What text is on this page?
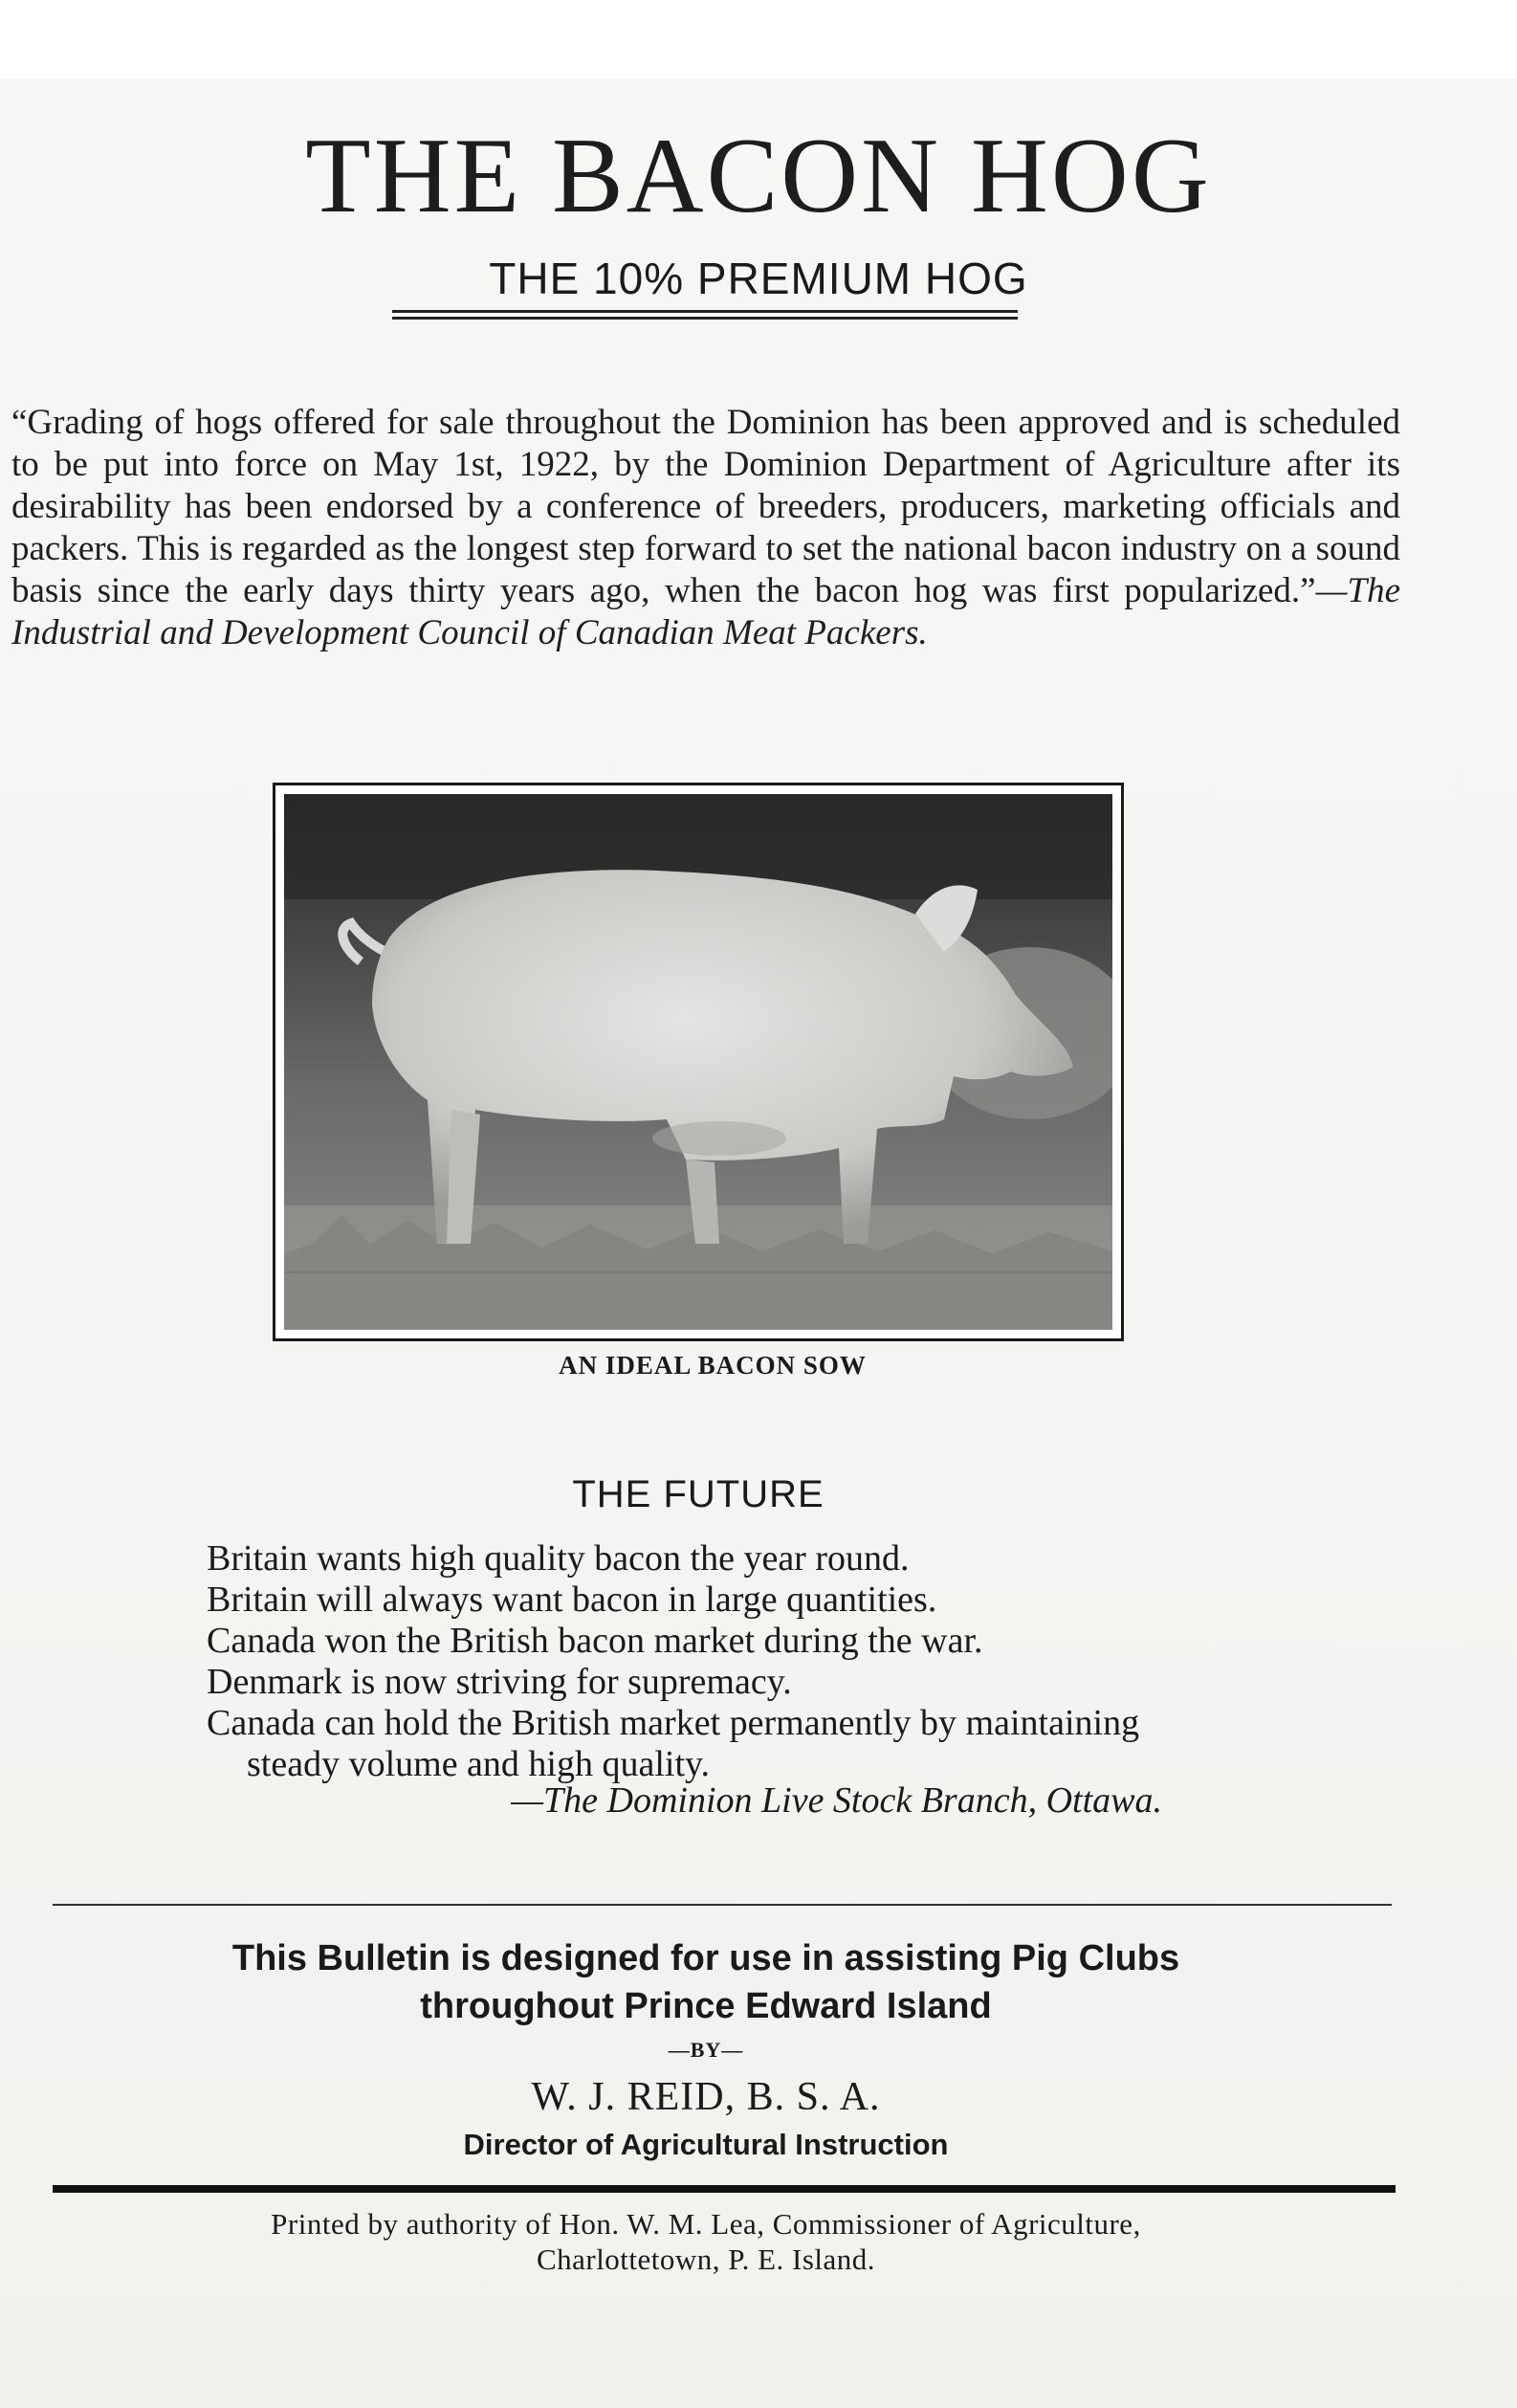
THE BACON HOG
THE 10% PREMIUM HOG
“Grading of hogs offered for sale throughout the Dominion has been approved and is scheduled to be put into force on May 1st, 1922, by the Dominion Department of Agriculture after its desirability has been endorsed by a conference of breeders, producers, marketing officials and packers. This is regarded as the longest step forward to set the national bacon industry on a sound basis since the early days thirty years ago, when the bacon hog was first popularized.”—The Industrial and Development Council of Canadian Meat Packers.
AN IDEAL BACON SOW
THE FUTURE
Britain wants high quality bacon the year round.
Britain will always want bacon in large quantities.
Canada won the British bacon market during the war.
Denmark is now striving for supremacy.
Canada can hold the British market permanently by maintaining steady volume and high quality.
—The Dominion Live Stock Branch, Ottawa.
This Bulletin is designed for use in assisting Pig Clubs
throughout Prince Edward Island
—BY—
W. J. REID, B. S. A.
Director of Agricultural Instruction
Printed by authority of Hon. W. M. Lea, Commissioner of Agriculture,
Charlottetown, P. E. Island.
